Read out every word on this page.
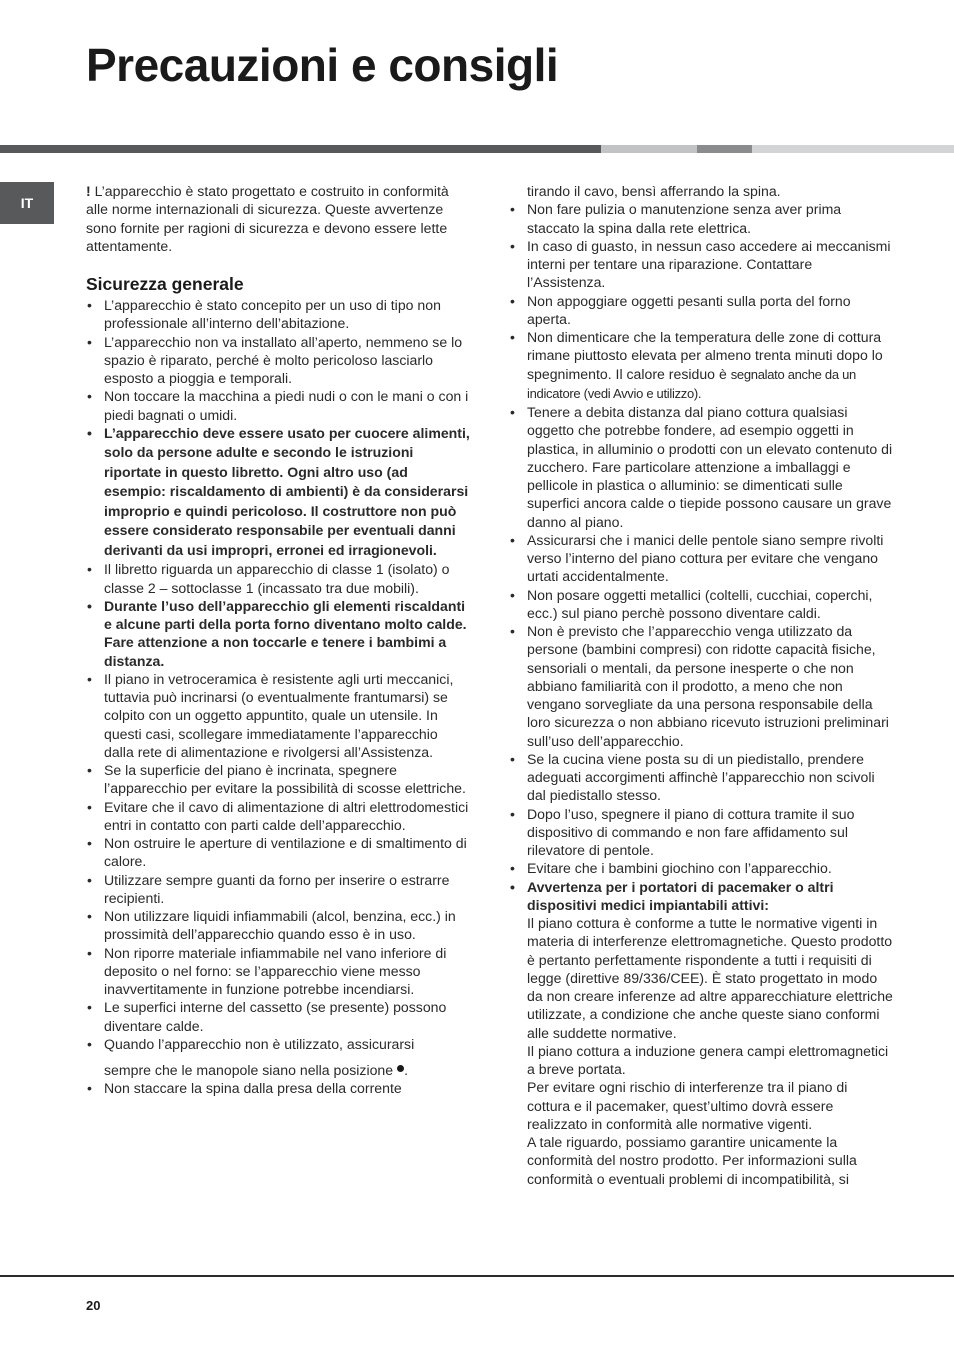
Precauzioni e consigli
IT

! L’apparecchio è stato progettato e costruito in conformità alle norme internazionali di sicurezza. Queste avvertenze sono fornite per ragioni di sicurezza e devono essere lette attentamente.

Sicurezza generale
• L’apparecchio è stato concepito per un uso di tipo non professionale all’interno dell’abitazione.
• L’apparecchio non va installato all’aperto, nemmeno se lo spazio è riparato, perché è molto pericoloso lasciarlo esposto a pioggia e temporali.
• Non toccare la macchina a piedi nudi o con le mani o con i piedi bagnati o umidi.
• L’apparecchio deve essere usato per cuocere alimenti, solo da persone adulte e secondo le istruzioni riportate in questo libretto. Ogni altro uso (ad esempio: riscaldamento di ambienti) è da considerarsi improprio e quindi pericoloso. Il costruttore non può essere considerato responsabile per eventuali danni derivanti da usi impropri, erronei ed irragionevoli.
• Il libretto riguarda un apparecchio di classe 1 (isolato) o classe 2 – sottoclasse 1 (incassato tra due mobili).
• Durante l’uso dell’apparecchio gli elementi riscaldanti e alcune parti della porta forno diventano molto calde. Fare attenzione a non toccarle e tenere i bambimi a distanza.
• Il piano in vetroceramica è resistente agli urti meccanici, tuttavia può incrinarsi (o eventualmente frantumarsi) se colpito con un oggetto appuntito, quale un utensile. In questi casi, scollegare immediatamente l’apparecchio dalla rete di alimentazione e rivolgersi all’Assistenza.
• Se la superficie del piano è incrinata, spegnere l’apparecchio per evitare la possibilità di scosse elettriche.
• Evitare che il cavo di alimentazione di altri elettrodomestici entri in contatto con parti calde dell’apparecchio.
• Non ostruire le aperture di ventilazione e di smaltimento di calore.
• Utilizzare sempre guanti da forno per inserire o estrarre recipienti.
• Non utilizzare liquidi infiammabili (alcol, benzina, ecc.) in prossimità dell’apparecchio quando esso è in uso.
• Non riporre materiale infiammabile nel vano inferiore di deposito o nel forno: se l’apparecchio viene messo inavvertitamente in funzione potrebbe incendiarsi.
• Le superfici interne del cassetto (se presente) possono diventare calde.
• Quando l’apparecchio non è utilizzato, assicurarsi
sempre che le manopole siano nella posizione .
• Non staccare la spina dalla presa della corrente
tirando il cavo, bensì afferrando la spina.
• Non fare pulizia o manutenzione senza aver prima staccato la spina dalla rete elettrica.
• In caso di guasto, in nessun caso accedere ai meccanismi interni per tentare una riparazione. Contattare l’Assistenza.
• Non appoggiare oggetti pesanti sulla porta del forno aperta.
• Non dimenticare che la temperatura delle zone di cottura rimane piuttosto elevata per almeno trenta minuti dopo lo spegnimento. Il calore residuo è segnalato anche da un indicatore (vedi Avvio e utilizzo).
• Tenere a debita distanza dal piano cottura qualsiasi oggetto che potrebbe fondere, ad esempio oggetti in plastica, in alluminio o prodotti con un elevato contenuto di zucchero. Fare particolare attenzione a imballaggi e pellicole in plastica o alluminio: se dimenticati sulle superfici ancora calde o tiepide possono causare un grave danno al piano.
• Assicurarsi che i manici delle pentole siano sempre rivolti verso l’interno del piano cottura per evitare che vengano urtati accidentalmente.
• Non posare oggetti metallici (coltelli, cucchiai, coperchi, ecc.) sul piano perchè possono diventare caldi.
• Non è previsto che l’apparecchio venga utilizzato da persone (bambini compresi) con ridotte capacità fisiche, sensoriali o mentali, da persone inesperte o che non abbiano familiarità con il prodotto, a meno che non vengano sorvegliate da una persona responsabile della loro sicurezza o non abbiano ricevuto istruzioni preliminari sull’uso dell’apparecchio.
• Se la cucina viene posta su di un piedistallo, prendere adeguati accorgimenti affinchè l’apparecchio non scivoli dal piedistallo stesso.
• Dopo l’uso, spegnere il piano di cottura tramite il suo dispositivo di commando e non fare affidamento sul rilevatore di pentole.
• Evitare che i bambini giochino con l’apparecchio.
• Avvertenza per i portatori di pacemaker o altri dispositivi medici impiantabili attivi:
Il piano cottura è conforme a tutte le normative vigenti in materia di interferenze elettromagnetiche. Questo prodotto è pertanto perfettamente rispondente a tutti i requisiti di legge (direttive 89/336/CEE). È stato progettato in modo da non creare inferenze ad altre apparecchiature elettriche utilizzate, a condizione che anche queste siano conformi alle suddette normative.
Il piano cottura a induzione genera campi elettromagnetici a breve portata.
Per evitare ogni rischio di interferenze tra il piano di cottura e il pacemaker, quest’ultimo dovrà essere realizzato in conformità alle normative vigenti.
A tale riguardo, possiamo garantire unicamente la conformità del nostro prodotto. Per informazioni sulla conformità o eventuali problemi di incompatibilità, si
20
